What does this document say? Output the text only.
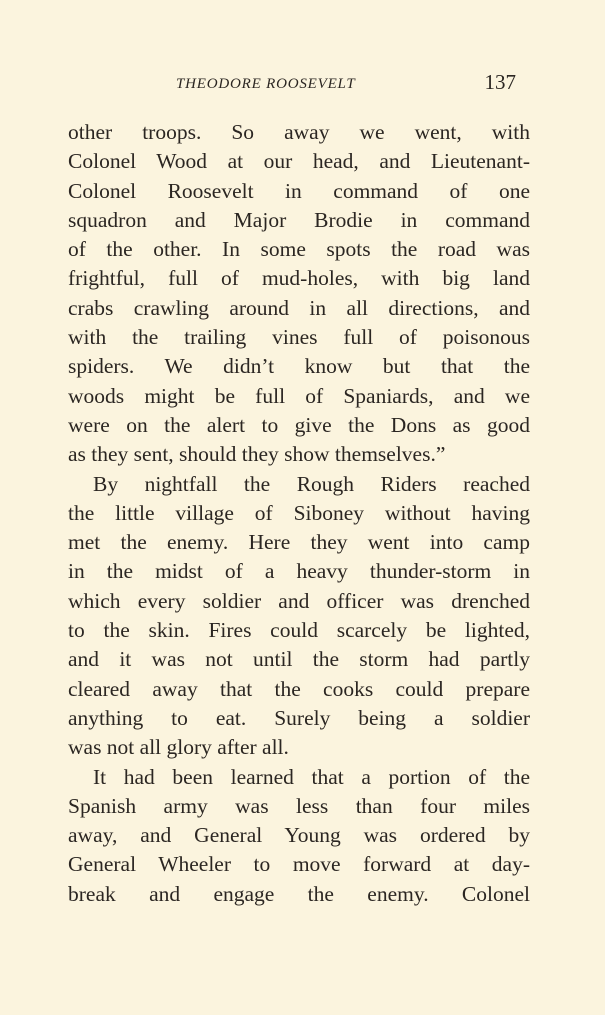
THEODORE ROOSEVELT	137
other troops. So away we went, with
Colonel Wood at our head, and Lieutenant-
Colonel Roosevelt in command of one
squadron and Major Brodie in command
of the other. In some spots the road was
frightful, full of mud-holes, with big land
crabs crawling around in all directions, and
with the trailing vines full of poisonous
spiders. We didn’t know but that the
woods might be full of Spaniards, and we
were on the alert to give the Dons as good
as they sent, should they show themselves.”
By nightfall the Rough Riders reached
the little village of Siboney without having
met the enemy. Here they went into camp
in the midst of a heavy thunder-storm in
which every soldier and officer was drenched
to the skin. Fires could scarcely be lighted,
and it was not until the storm had partly
cleared away that the cooks could prepare
anything to eat. Surely being a soldier
was not all glory after all.
It had been learned that a portion of the
Spanish army was less than four miles
away, and General Young was ordered by
General Wheeler to move forward at day-
break and engage the enemy. Colonel
